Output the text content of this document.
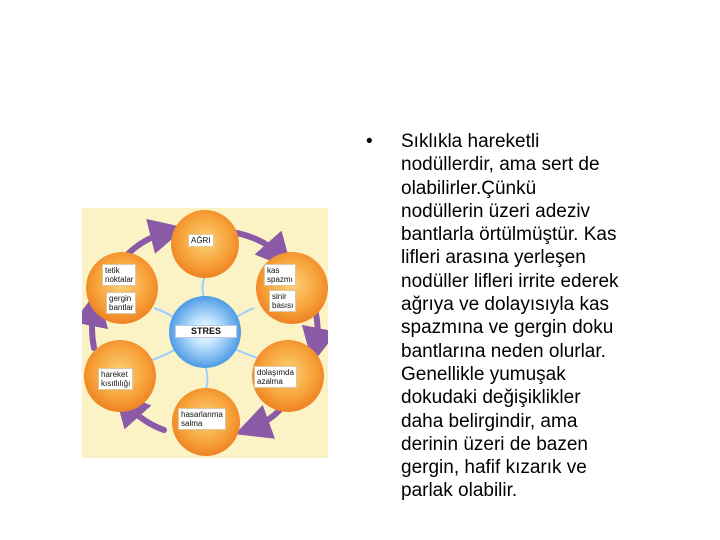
AĞRI
kas
spazmı
sinir
basısı
dolaşımda
azalma
hareket
kısıtlılığı
tetik
noktalar
gergin
bantlar
hasarlanma
salma
STRES
• Sıklıkla hareketli
nodüllerdir, ama sert de
olabilirler.Çünkü
nodüllerin üzeri adeziv
bantlarla örtülmüştür. Kas
lifleri arasına yerleşen
nodüller lifleri irrite ederek
ağrıya ve dolayısıyla kas
spazmına ve gergin doku
bantlarına neden olurlar.
Genellikle yumuşak
dokudaki değişiklikler
daha belirgindir, ama
derinin üzeri de bazen
gergin, hafif kızarık ve
parlak olabilir.
